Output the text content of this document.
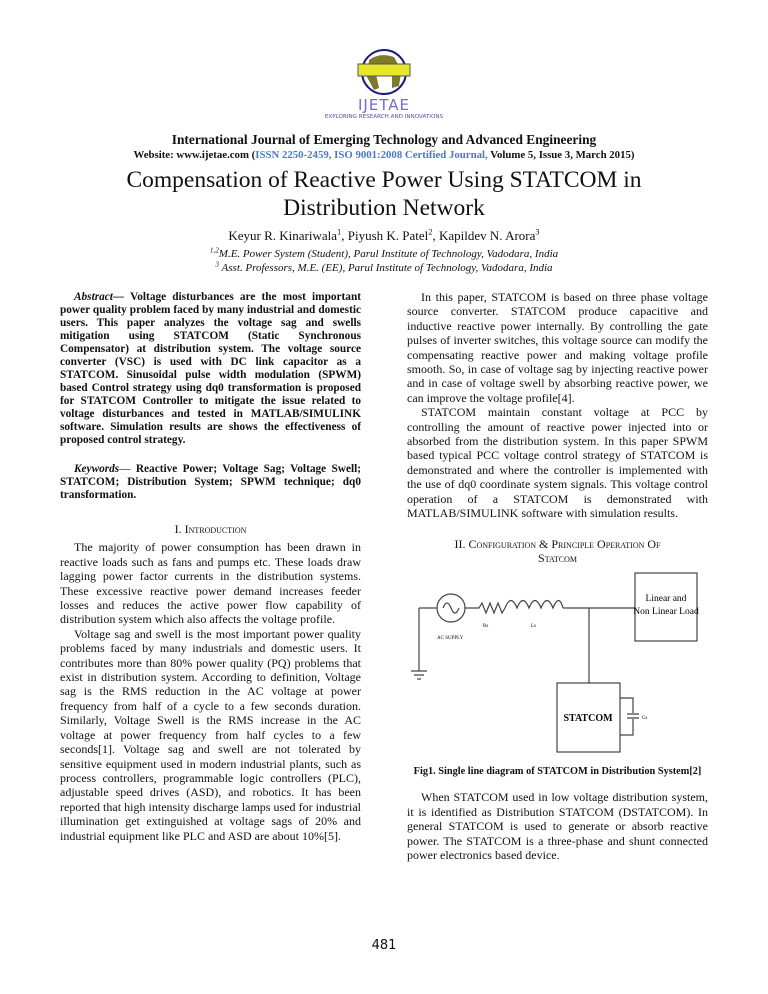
IJETAE
EXPLORING RESEARCH AND INNOVATIONS
International Journal of Emerging Technology and Advanced Engineering
Website: www.ijetae.com (ISSN 2250-2459, ISO 9001:2008 Certified Journal, Volume 5, Issue 3, March 2015)
Compensation of Reactive Power Using STATCOM in Distribution Network
Keyur R. Kinariwala$^1$, Piyush K. Patel$^2$, Kapildev N. Arora$^3$
$^{1,2}$M.E. Power System (Student), Parul Institute of Technology, Vadodara, India
$^3$ Asst. Professors, M.E. (EE), Parul Institute of Technology, Vadodara, India

Abstract— Voltage disturbances are the most important power quality problem faced by many industrial and domestic users. This paper analyzes the voltage sag and swells mitigation using STATCOM (Static Synchronous Compensator) at distribution system. The voltage source converter (VSC) is used with DC link capacitor as a STATCOM. Sinusoidal pulse width modulation (SPWM) based Control strategy using dq0 transformation is proposed for STATCOM Controller to mitigate the issue related to voltage disturbances and tested in MATLAB/SIMULINK software. Simulation results are shows the effectiveness of proposed control strategy.

Keywords— Reactive Power; Voltage Sag; Voltage Swell; STATCOM; Distribution System; SPWM technique; dq0 transformation.

I. Introduction

The majority of power consumption has been drawn in reactive loads such as fans and pumps etc. These loads draw lagging power factor currents in the distribution systems. These excessive reactive power demand increases feeder losses and reduces the active power flow capability of distribution system which also affects the voltage profile.

Voltage sag and swell is the most important power quality problems faced by many industrials and domestic users. It contributes more than 80% power quality (PQ) problems that exist in distribution system. According to definition, Voltage sag is the RMS reduction in the AC voltage at power frequency from half of a cycle to a few seconds duration. Similarly, Voltage Swell is the RMS increase in the AC voltage at power frequency from half cycles to a few seconds[1]. Voltage sag and swell are not tolerated by sensitive equipment used in modern industrial plants, such as process controllers, programmable logic controllers (PLC), adjustable speed drives (ASD), and robotics. It has been reported that high intensity discharge lamps used for industrial illumination get extinguished at voltage sags of 20% and industrial equipment like PLC and ASD are about 10%[5].

In this paper, STATCOM is based on three phase voltage source converter. STATCOM produce capacitive and inductive reactive power internally. By controlling the gate pulses of inverter switches, this voltage source can modify the compensating reactive power and making voltage profile smooth. So, in case of voltage sag by injecting reactive power and in case of voltage swell by absorbing reactive power, we can improve the voltage profile[4].

STATCOM maintain constant voltage at PCC by controlling the amount of reactive power injected into or absorbed from the distribution system. In this paper SPWM based typical PCC voltage control strategy of STATCOM is demonstrated and where the controller is implemented with the use of dq0 coordinate system signals. This voltage control operation of a STATCOM is demonstrated with MATLAB/SIMULINK software with simulation results.

II. Configuration & Principle Operation Of
Statcom
Linear and
Non Linear Load
Rs	Ls
AC SUPPLY
STATCOM	Cs
Fig1. Single line diagram of STATCOM in Distribution System[2]

When STATCOM used in low voltage distribution system, it is identified as Distribution STATCOM (DSTATCOM). In general STATCOM is used to generate or absorb reactive power. The STATCOM is a three-phase and shunt connected power electronics based device.

481
